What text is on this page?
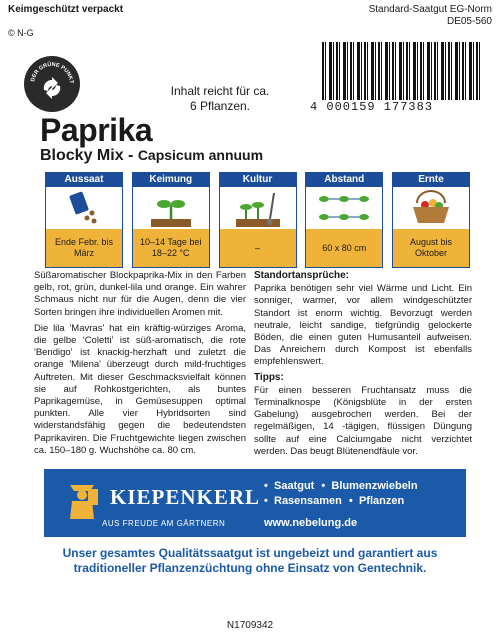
Keimgeschützt verpackt
© N-G
Standard-Saatgut EG-Norm
DE05-560
DER GRÜNE PUNKT
Inhalt reicht für ca.
6 Pflanzen.	4 000159 177383
Paprika
Blocky Mix - Capsicum annuum
Aussaat
Ende Febr. bis März
Keimung
10–14 Tage bei 18–22 °C
Kultur
–
Abstand
60 x 80 cm
Ernte
August bis Oktober

Süßaromatischer Blockpaprika-Mix in den Farben gelb, rot, grün, dunkel-lila und orange. Ein wahrer Schmaus nicht nur für die Augen, denn die vier Sorten bringen ihre individuellen Aromen mit.

Die lila 'Mavras' hat ein kräftig-würziges Aroma, die gelbe 'Coletti' ist süß-aromatisch, die rote 'Bendigo' ist knackig-herzhaft und zuletzt die orange 'Milena' überzeugt durch mild-fruchtiges Auftreten. Mit dieser Geschmacksvielfalt können sie auf Rohkostgerichten, als buntes Paprikagemüse, in Gemüsesuppen optimal punkten. Alle vier Hybridsorten sind widerstandsfähig gegen die bedeutendsten Paprikaviren. Die Fruchtgewichte liegen zwischen ca. 150–180 g. Wuchshöhe ca. 80 cm.

Standortansprüche:

Paprika benötigen sehr viel Wärme und Licht. Ein sonniger, warmer, vor allem windgeschützter Standort ist enorm wichtig. Bevorzugt werden neutrale, leicht sandige, tiefgründig gelockerte Böden, die einen guten Humusanteil aufweisen. Das Anreichern durch Kompost ist ebenfalls empfehlenswert.

Tipps:

Für einen besseren Fruchtansatz muss die Terminalknospe (Königsblüte in der ersten Gabelung) ausgebrochen werden. Bei der regelmäßigen, 14 -tägigen, flüssigen Düngung sollte auf eine Calciumgabe nicht verzichtet werden. Das beugt Blütenendfäule vor.

KIEPENKERL
AUS FREUDE AM GÄRTNERN
• Saatgut • Blumenzwiebeln
• Rasensamen • Pflanzen
www.nebelung.de
Unser gesamtes Qualitätssaatgut ist ungebeizt und garantiert aus traditioneller Pflanzenzüchtung ohne Einsatz von Gentechnik.
N1709342
